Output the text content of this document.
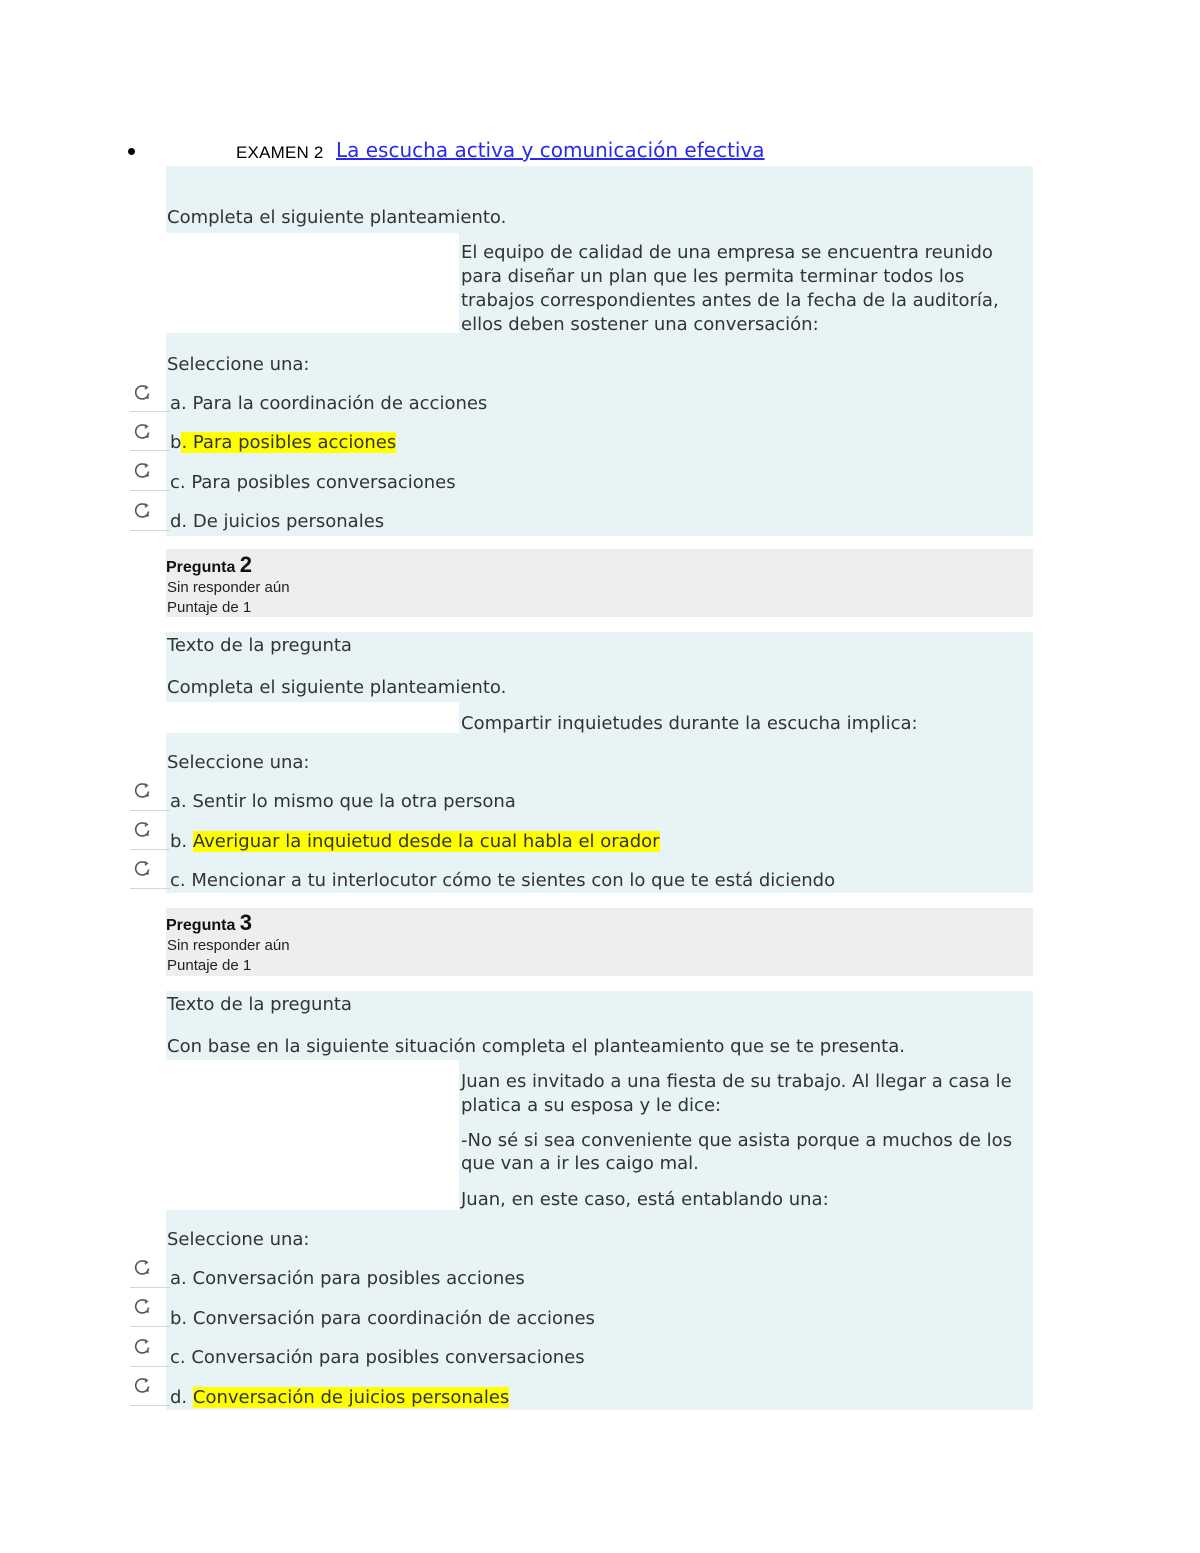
EXAMEN 2 La escucha activa y comunicación efectiva
Completa el siguiente planteamiento.
El equipo de calidad de una empresa se encuentra reunido
para diseñar un plan que les permita terminar todos los
trabajos correspondientes antes de la fecha de la auditoría,
ellos deben sostener una conversación:
Seleccione una:
a. Para la coordinación de acciones
b. Para posibles acciones
c. Para posibles conversaciones
d. De juicios personales
Pregunta 2
Sin responder aún
Puntaje de 1
Texto de la pregunta
Completa el siguiente planteamiento.
Compartir inquietudes durante la escucha implica:
Seleccione una:
a. Sentir lo mismo que la otra persona
b. Averiguar la inquietud desde la cual habla el orador
c. Mencionar a tu interlocutor cómo te sientes con lo que te está diciendo
Pregunta 3
Sin responder aún
Puntaje de 1
Texto de la pregunta
Con base en la siguiente situación completa el planteamiento que se te presenta.
Juan es invitado a una fiesta de su trabajo. Al llegar a casa le
platica a su esposa y le dice:
-No sé si sea conveniente que asista porque a muchos de los
que van a ir les caigo mal.
Juan, en este caso, está entablando una:
Seleccione una:
a. Conversación para posibles acciones
b. Conversación para coordinación de acciones
c. Conversación para posibles conversaciones
d. Conversación de juicios personales
